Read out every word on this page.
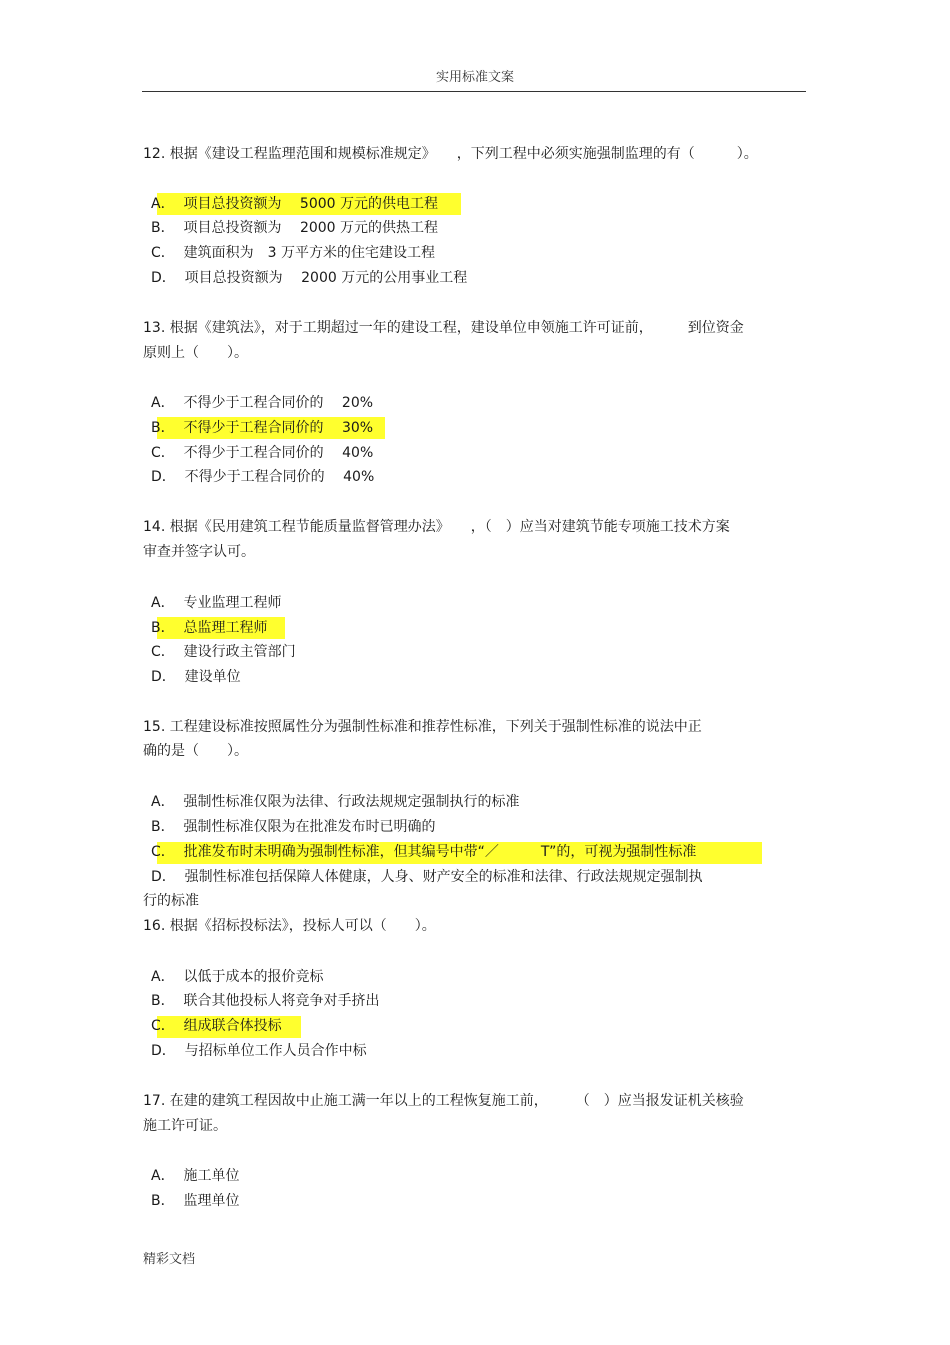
实用标准文案
12. 根据《建设工程监理范围和规模标准规定》　　，下列工程中必须实施强制监理的有（　　　）。
A．  项目总投资额为　 5000 万元的供电工程
B．  项目总投资额为　 2000 万元的供热工程
C．  建筑面积为　3 万平方米的住宅建设工程
D．  项目总投资额为　 2000 万元的公用事业工程
13. 根据《建筑法》，对于工期超过一年的建设工程，建设单位申领施工许可证前，　　　到位资金
原则上（　　）。
A．  不得少于工程合同价的　 20%
B．  不得少于工程合同价的　 30%
C．  不得少于工程合同价的　 40%
D．  不得少于工程合同价的　 40%
14. 根据《民用建筑工程节能质量监督管理办法》　　，（　）应当对建筑节能专项施工技术方案
审查并签字认可。
A．  专业监理工程师
B．  总监理工程师
C．  建设行政主管部门
D．  建设单位
15. 工程建设标准按照属性分为强制性标准和推荐性标准，下列关于强制性标准的说法中正
确的是（　　）。
A．  强制性标准仅限为法律、行政法规规定强制执行的标准
B．  强制性标准仅限为在批准发布时已明确的
C．  批准发布时未明确为强制性标准，但其编号中带“／　　　T”的，可视为强制性标准
D．  强制性标准包括保障人体健康，人身、财产安全的标准和法律、行政法规规定强制执
行的标准
16. 根据《招标投标法》，投标人可以（　　）。
A．  以低于成本的报价竞标
B．  联合其他投标人将竞争对手挤出
C．  组成联合体投标
D．  与招标单位工作人员合作中标
17. 在建的建筑工程因故中止施工满一年以上的工程恢复施工前，　　　（　）应当报发证机关核验
施工许可证。
A．  施工单位
B．  监理单位
精彩文档
